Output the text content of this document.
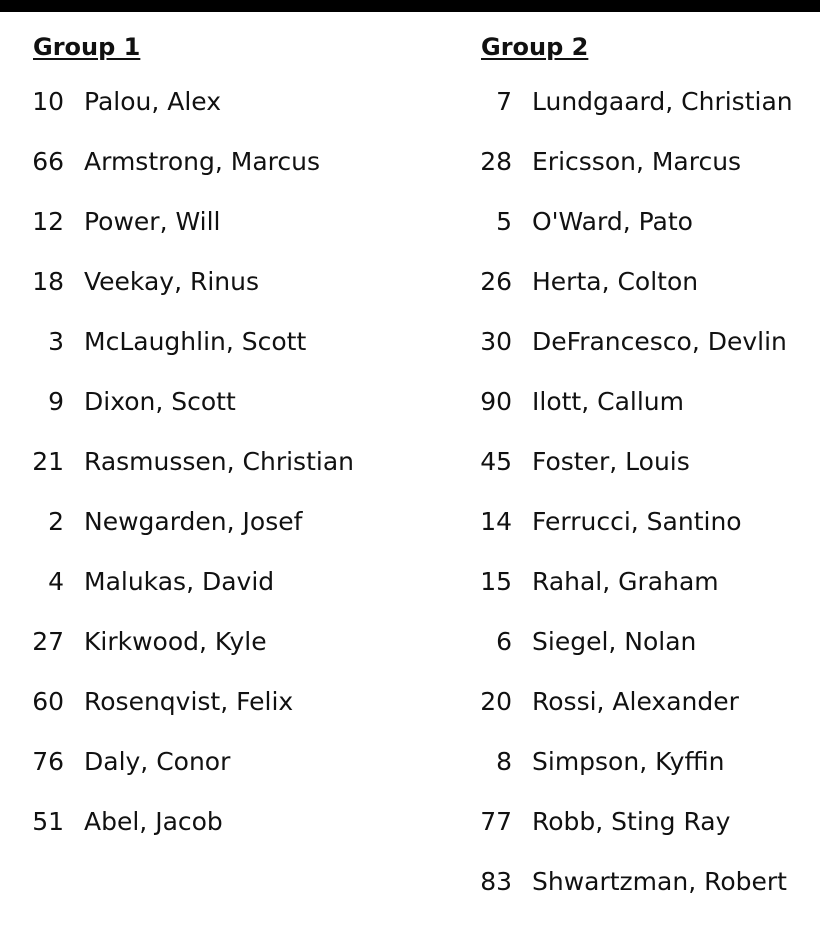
Group 1
10 Palou, Alex
66 Armstrong, Marcus
12 Power, Will
18 Veekay, Rinus
3 McLaughlin, Scott
9 Dixon, Scott
21 Rasmussen, Christian
2 Newgarden, Josef
4 Malukas, David
27 Kirkwood, Kyle
60 Rosenqvist, Felix
76 Daly, Conor
51 Abel, Jacob
Group 2
7 Lundgaard, Christian
28 Ericsson, Marcus
5 O'Ward, Pato
26 Herta, Colton
30 DeFrancesco, Devlin
90 Ilott, Callum
45 Foster, Louis
14 Ferrucci, Santino
15 Rahal, Graham
6 Siegel, Nolan
20 Rossi, Alexander
8 Simpson, Kyffin
77 Robb, Sting Ray
83 Shwartzman, Robert
